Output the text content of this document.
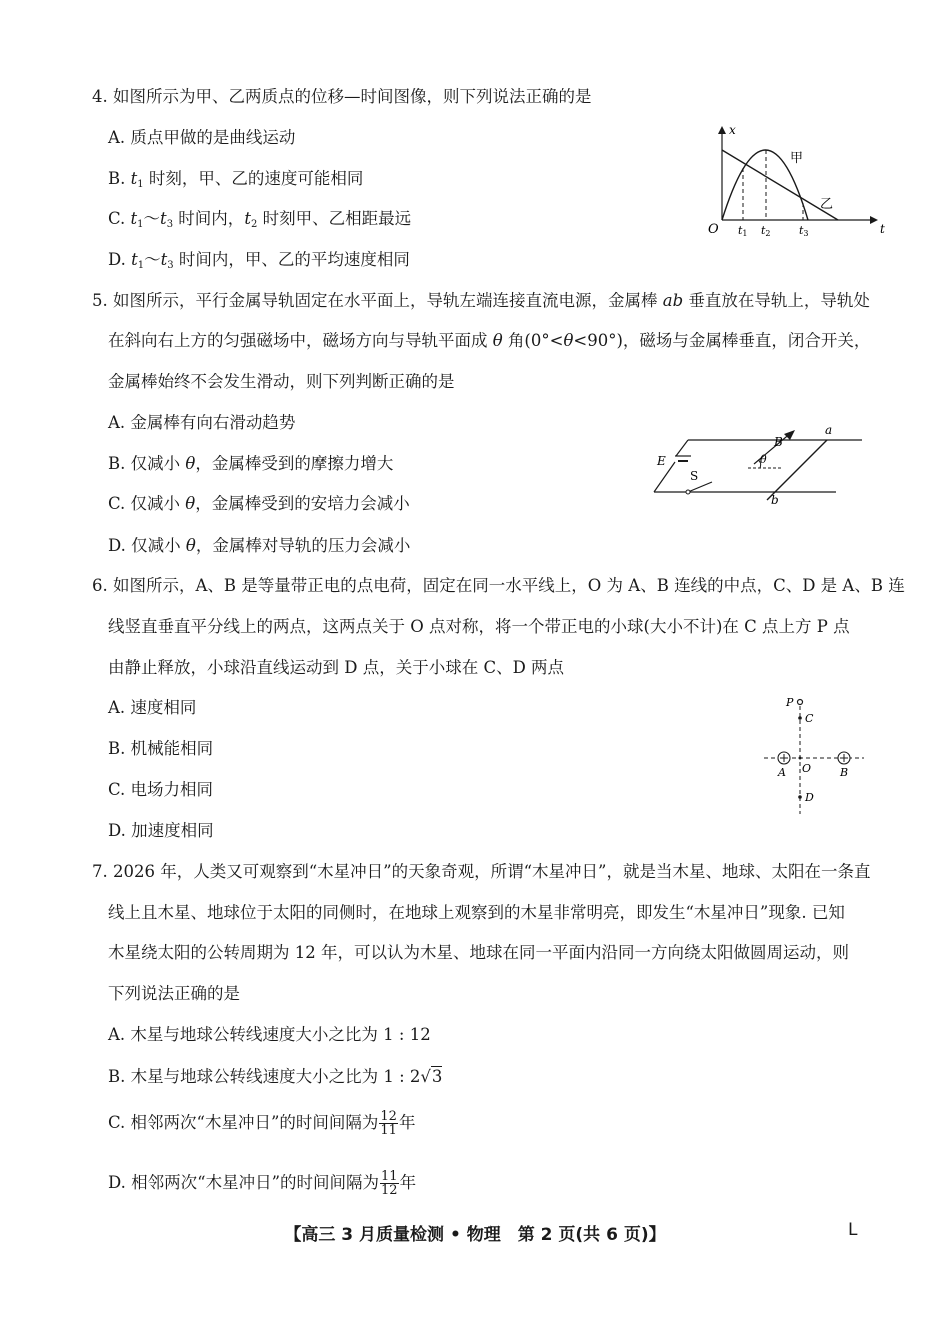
4. 如图所示为甲、乙两质点的位移—时间图像，则下列说法正确的是
A. 质点甲做的是曲线运动
B. $t_1$ 时刻，甲、乙的速度可能相同
C. $t_1\sim t_3$ 时间内，$t_2$ 时刻甲、乙相距最远
D. $t_1\sim t_3$ 时间内，甲、乙的平均速度相同
x
O	t
t1 t2	t3
甲
乙
5. 如图所示，平行金属导轨固定在水平面上，导轨左端连接直流电源，金属棒 ab 垂直放在导轨上，导轨处
在斜向右上方的匀强磁场中，磁场方向与导轨平面成 θ 角(0°<θ<90°)，磁场与金属棒垂直，闭合开关，
金属棒始终不会发生滑动，则下列判断正确的是
A. 金属棒有向右滑动趋势
B. 仅减小 θ，金属棒受到的摩擦力增大
C. 仅减小 θ，金属棒受到的安培力会减小
D. 仅减小 θ，金属棒对导轨的压力会减小
B
a
b
E
S
θ
6. 如图所示，A、B 是等量带正电的点电荷，固定在同一水平线上，O 为 A、B 连线的中点，C、D 是 A、B 连
线竖直垂直平分线上的两点，这两点关于 O 点对称，将一个带正电的小球(大小不计)在 C 点上方 P 点
由静止释放，小球沿直线运动到 D 点，关于小球在 C、D 两点
A. 速度相同
B. 机械能相同
C. 电场力相同
D. 加速度相同
P
C
A O	B
D
7. 2026 年，人类又可观察到“木星冲日”的天象奇观，所谓“木星冲日”，就是当木星、地球、太阳在一条直
线上且木星、地球位于太阳的同侧时，在地球上观察到的木星非常明亮，即发生“木星冲日”现象. 已知
木星绕太阳的公转周期为 12 年，可以认为木星、地球在同一平面内沿同一方向绕太阳做圆周运动，则
下列说法正确的是
A. 木星与地球公转线速度大小之比为 1 : 12
B. 木星与地球公转线速度大小之比为 1 : 2√3
C. 相邻两次“木星冲日”的时间间隔为 $\frac{12}{11}$ 年
D. 相邻两次“木星冲日”的时间间隔为 $\frac{11}{12}$ 年
【高三 3 月质量检测 • 物理　第 2 页(共 6 页)】	L
